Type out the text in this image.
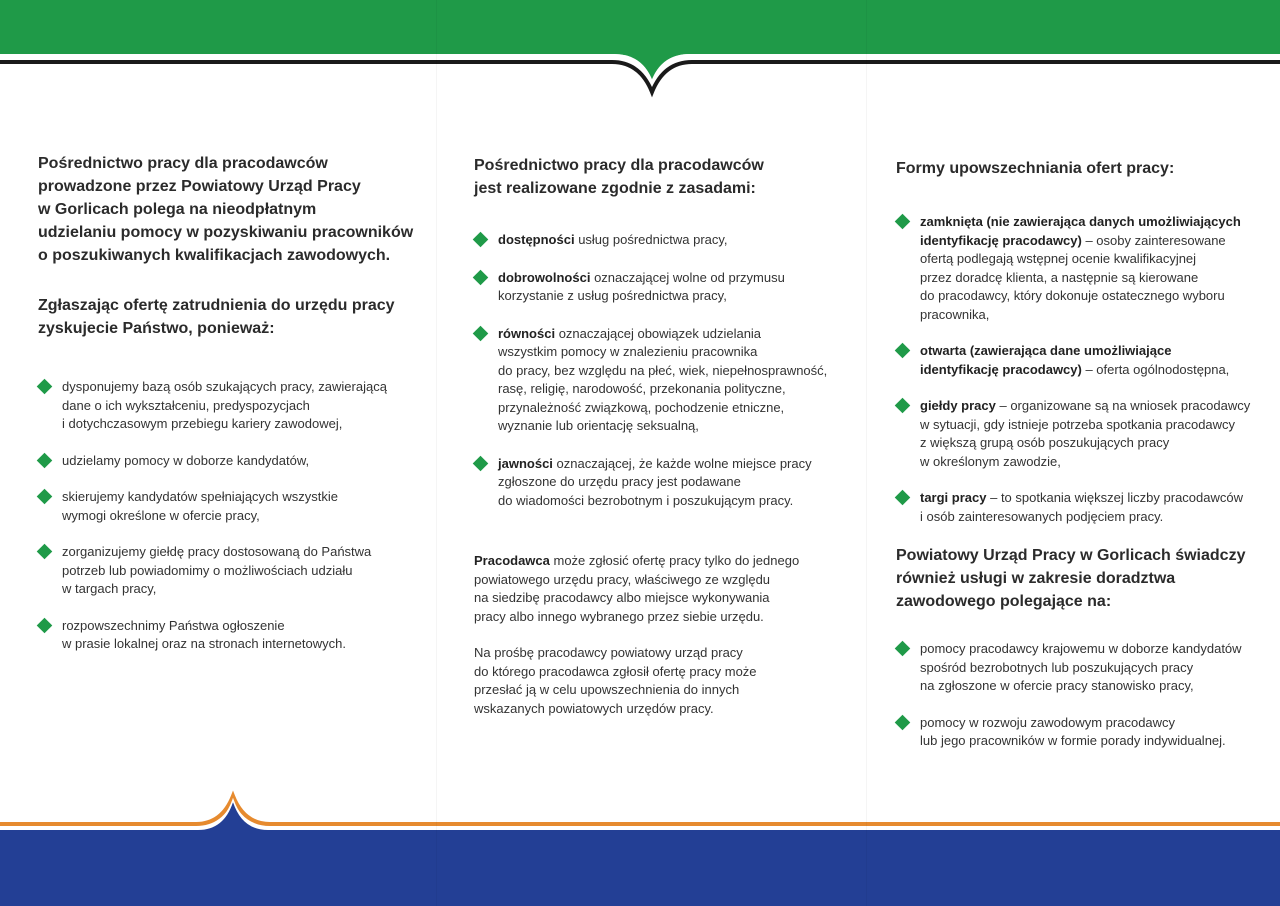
Pośrednictwo pracy dla pracodawców
prowadzone przez Powiatowy Urząd Pracy
w Gorlicach polega na nieodpłatnym
udzielaniu pomocy w pozyskiwaniu pracowników
o poszukiwanych kwalifikacjach zawodowych.
Zgłaszając ofertę zatrudnienia do urzędu pracy
zyskujecie Państwo, ponieważ:
dysponujemy bazą osób szukających pracy, zawierającą
dane o ich wykształceniu, predyspozycjach
i dotychczasowym przebiegu kariery zawodowej,
udzielamy pomocy w doborze kandydatów,
skierujemy kandydatów spełniających wszystkie
wymogi określone w ofercie pracy,
zorganizujemy giełdę pracy dostosowaną do Państwa
potrzeb lub powiadomimy o możliwościach udziału
w targach pracy,
rozpowszechnimy Państwa ogłoszenie
w prasie lokalnej oraz na stronach internetowych.
Pośrednictwo pracy dla pracodawców
jest realizowane zgodnie z zasadami:
dostępności usług pośrednictwa pracy,
dobrowolności oznaczającej wolne od przymusu
korzystanie z usług pośrednictwa pracy,
równości oznaczającej obowiązek udzielania
wszystkim pomocy w znalezieniu pracownika
do pracy, bez względu na płeć, wiek, niepełnosprawność,
rasę, religię, narodowość, przekonania polityczne,
przynależność związkową, pochodzenie etniczne,
wyznanie lub orientację seksualną,
jawności oznaczającej, że każde wolne miejsce pracy
zgłoszone do urzędu pracy jest podawane
do wiadomości bezrobotnym i poszukującym pracy.

Pracodawca może zgłosić ofertę pracy tylko do jednego
powiatowego urzędu pracy, właściwego ze względu
na siedzibę pracodawcy albo miejsce wykonywania
pracy albo innego wybranego przez siebie urzędu.

Na prośbę pracodawcy powiatowy urząd pracy
do którego pracodawca zgłosił ofertę pracy może
przesłać ją w celu upowszechnienia do innych
wskazanych powiatowych urzędów pracy.

Formy upowszechniania ofert pracy:
zamknięta (nie zawierająca danych umożliwiających
identyfikację pracodawcy) – osoby zainteresowane
ofertą podlegają wstępnej ocenie kwalifikacyjnej
przez doradcę klienta, a następnie są kierowane
do pracodawcy, który dokonuje ostatecznego wyboru
pracownika,
otwarta (zawierająca dane umożliwiające
identyfikację pracodawcy) – oferta ogólnodostępna,
giełdy pracy – organizowane są na wniosek pracodawcy
w sytuacji, gdy istnieje potrzeba spotkania pracodawcy
z większą grupą osób poszukujących pracy
w określonym zawodzie,
targi pracy – to spotkania większej liczby pracodawców
i osób zainteresowanych podjęciem pracy.
Powiatowy Urząd Pracy w Gorlicach świadczy
również usługi w zakresie doradztwa
zawodowego polegające na:
pomocy pracodawcy krajowemu w doborze kandydatów
spośród bezrobotnych lub poszukujących pracy
na zgłoszone w ofercie pracy stanowisko pracy,
pomocy w rozwoju zawodowym pracodawcy
lub jego pracowników w formie porady indywidualnej.
